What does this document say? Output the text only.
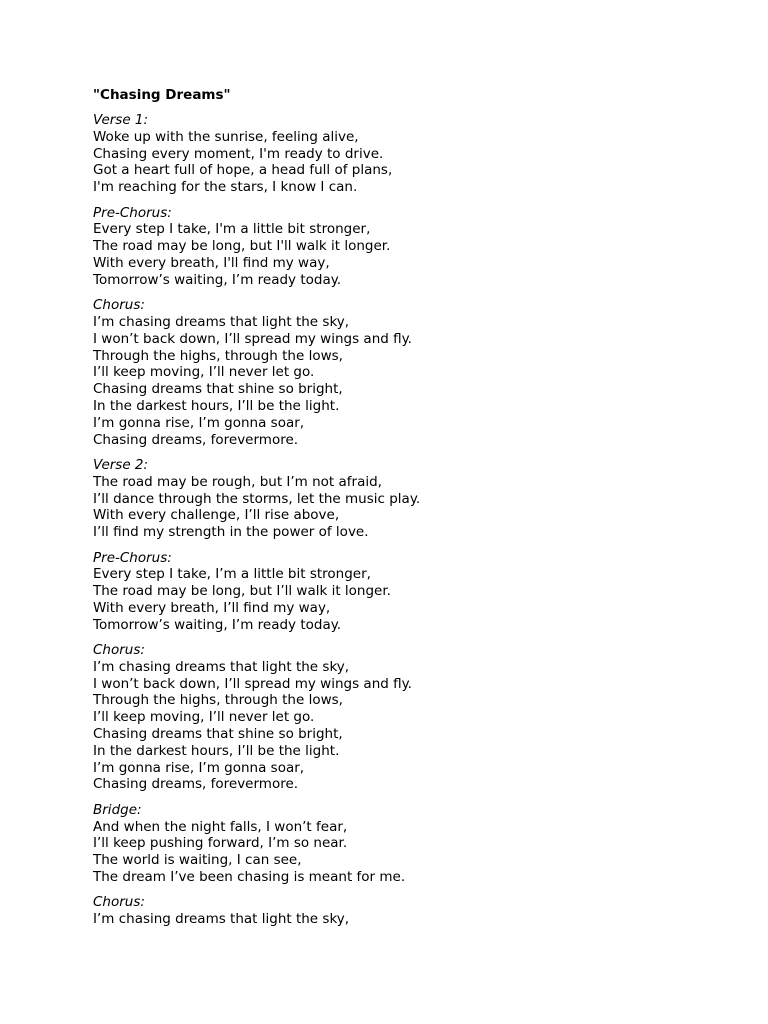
"Chasing Dreams"
Verse 1:
Woke up with the sunrise, feeling alive,
Chasing every moment, I'm ready to drive.
Got a heart full of hope, a head full of plans,
I'm reaching for the stars, I know I can.
Pre-Chorus:
Every step I take, I'm a little bit stronger,
The road may be long, but I'll walk it longer.
With every breath, I'll find my way,
Tomorrow’s waiting, I’m ready today.
Chorus:
I’m chasing dreams that light the sky,
I won’t back down, I’ll spread my wings and fly.
Through the highs, through the lows,
I’ll keep moving, I’ll never let go.
Chasing dreams that shine so bright,
In the darkest hours, I’ll be the light.
I’m gonna rise, I’m gonna soar,
Chasing dreams, forevermore.
Verse 2:
The road may be rough, but I’m not afraid,
I’ll dance through the storms, let the music play.
With every challenge, I’ll rise above,
I’ll find my strength in the power of love.
Pre-Chorus:
Every step I take, I’m a little bit stronger,
The road may be long, but I’ll walk it longer.
With every breath, I’ll find my way,
Tomorrow’s waiting, I’m ready today.
Chorus:
I’m chasing dreams that light the sky,
I won’t back down, I’ll spread my wings and fly.
Through the highs, through the lows,
I’ll keep moving, I’ll never let go.
Chasing dreams that shine so bright,
In the darkest hours, I’ll be the light.
I’m gonna rise, I’m gonna soar,
Chasing dreams, forevermore.
Bridge:
And when the night falls, I won’t fear,
I’ll keep pushing forward, I’m so near.
The world is waiting, I can see,
The dream I’ve been chasing is meant for me.
Chorus:
I’m chasing dreams that light the sky,
